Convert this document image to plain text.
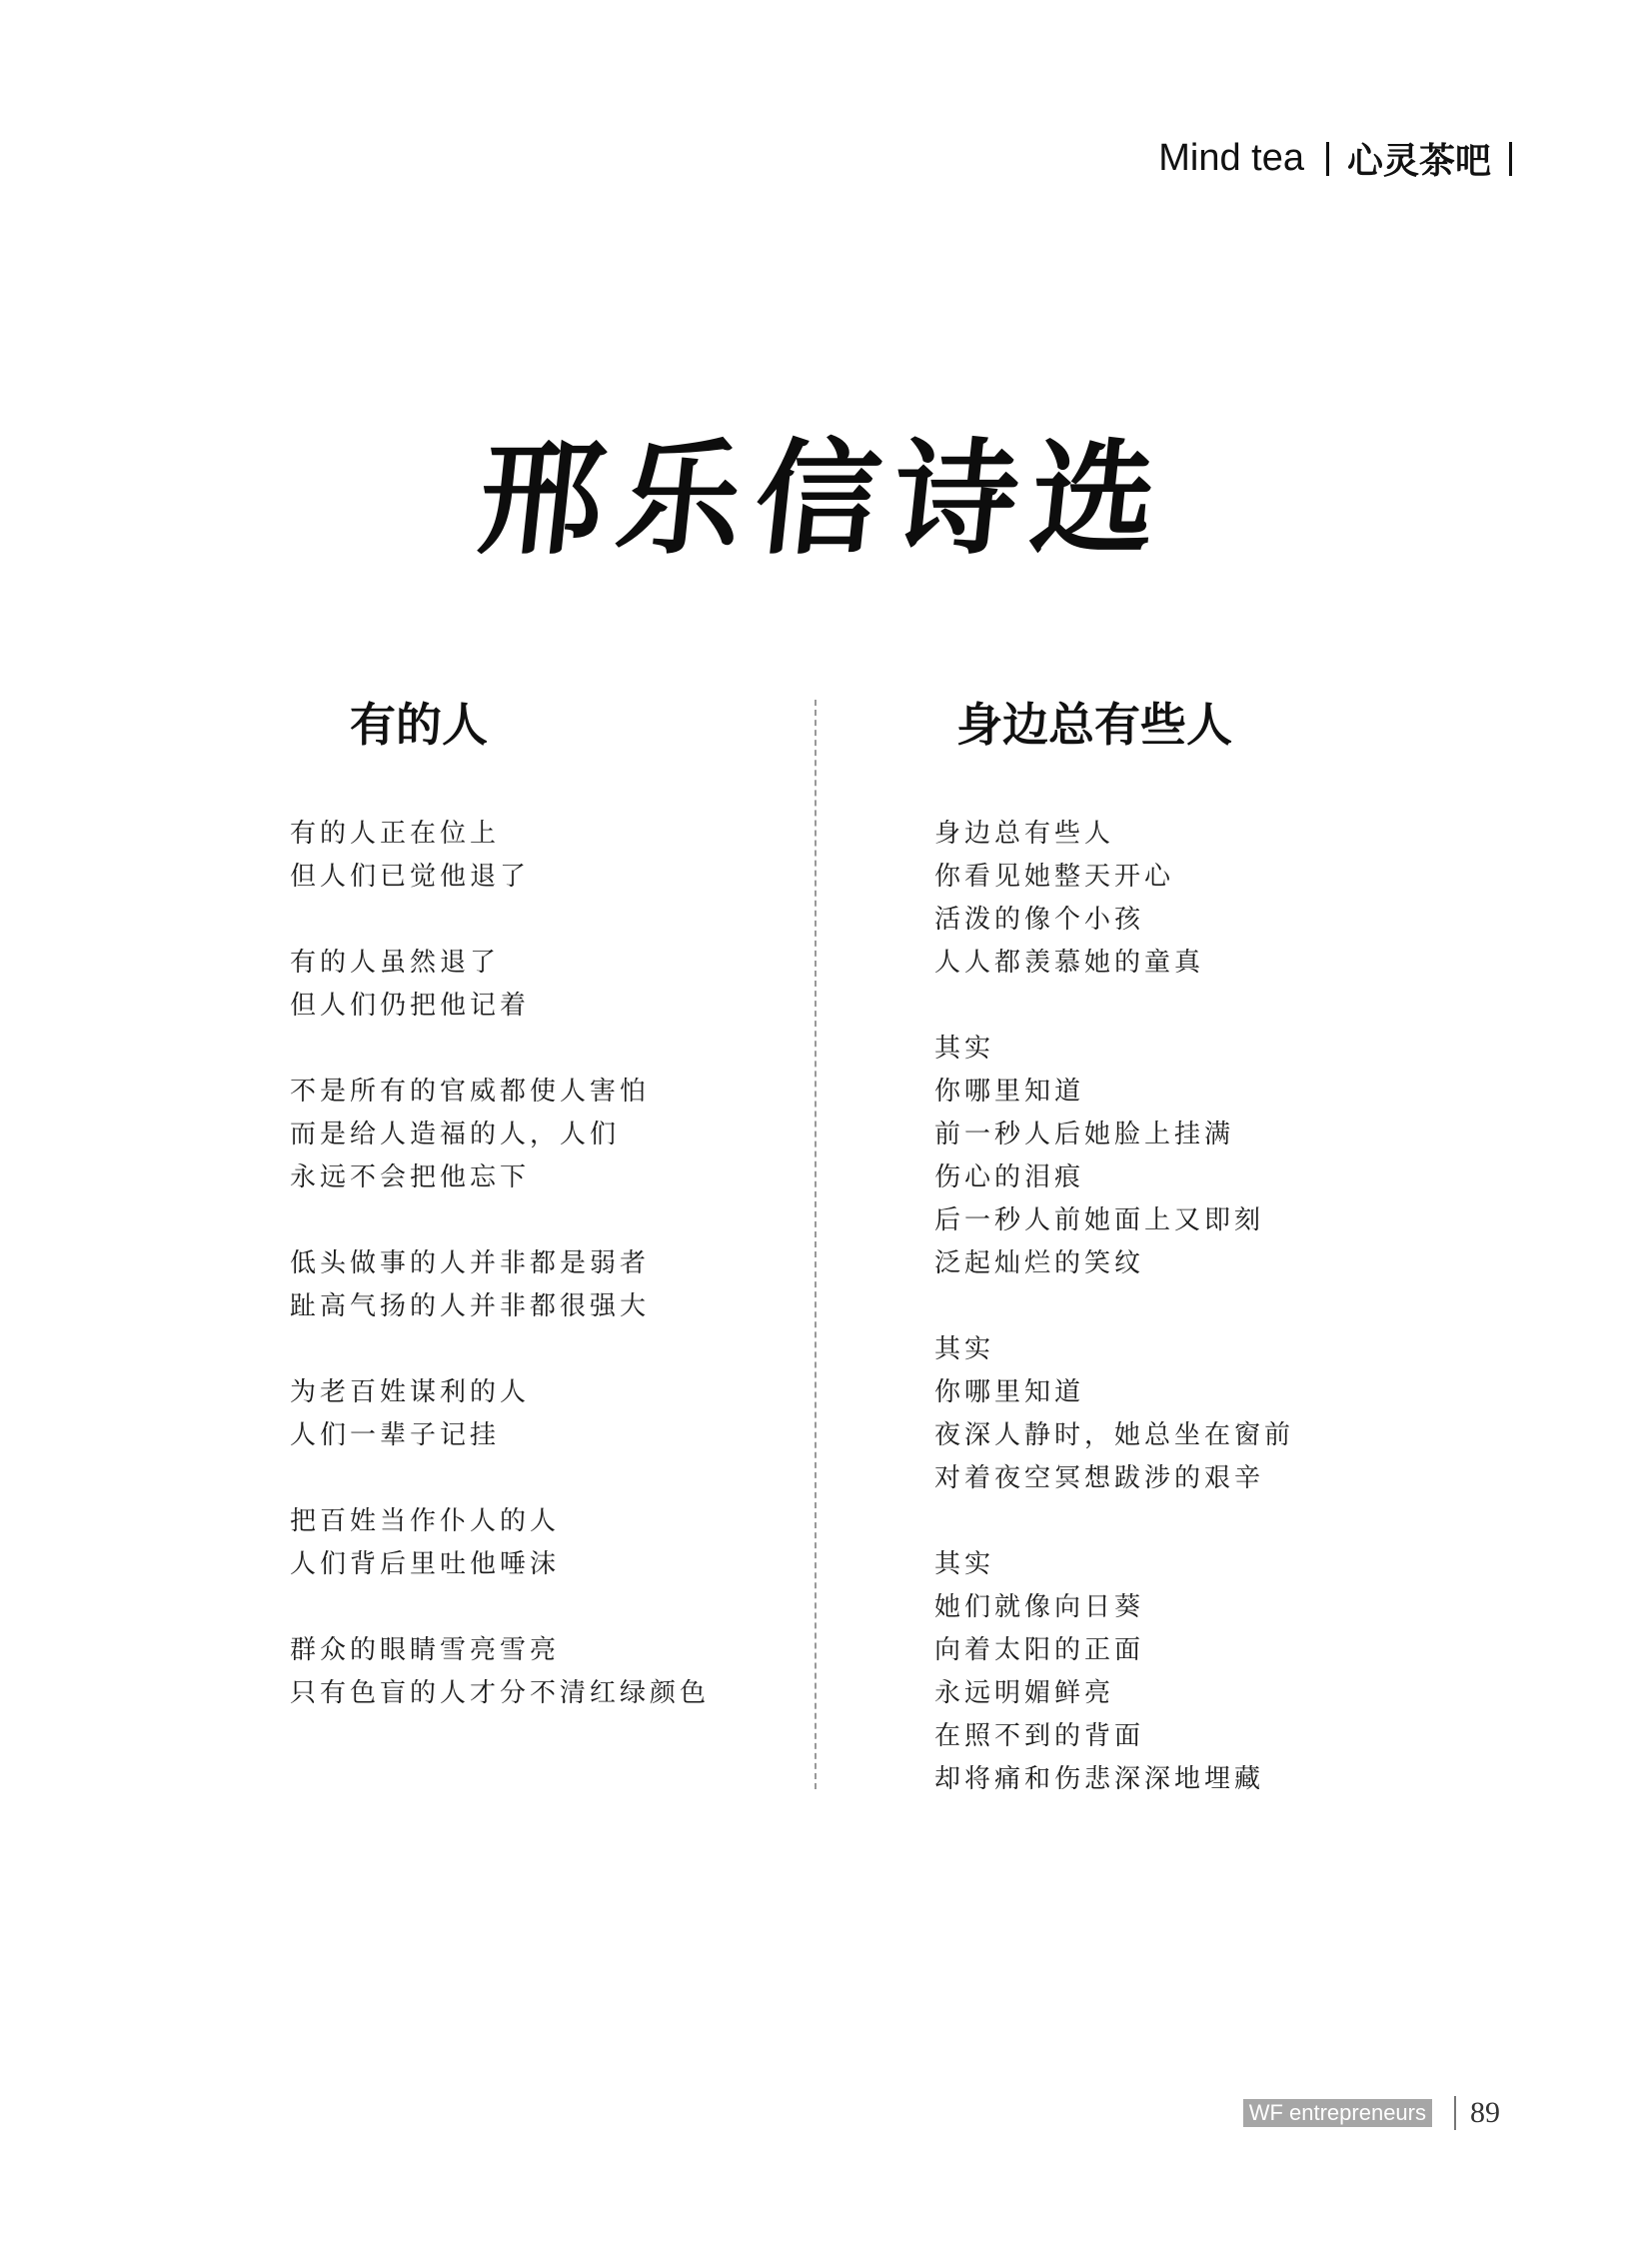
Mind tea 心灵茶吧
邢乐信诗选
有的人
有的人正在位上
但人们已觉他退了
有的人虽然退了
但人们仍把他记着
不是所有的官威都使人害怕
而是给人造福的人，人们
永远不会把他忘下
低头做事的人并非都是弱者
趾高气扬的人并非都很强大
为老百姓谋利的人
人们一辈子记挂
把百姓当作仆人的人
人们背后里吐他唾沫
群众的眼睛雪亮雪亮
只有色盲的人才分不清红绿颜色
身边总有些人
身边总有些人
你看见她整天开心
活泼的像个小孩
人人都羡慕她的童真
其实
你哪里知道
前一秒人后她脸上挂满
伤心的泪痕
后一秒人前她面上又即刻
泛起灿烂的笑纹
其实
你哪里知道
夜深人静时，她总坐在窗前
对着夜空冥想跋涉的艰辛
其实
她们就像向日葵
向着太阳的正面
永远明媚鲜亮
在照不到的背面
却将痛和伤悲深深地埋藏
WF entrepreneurs 89
